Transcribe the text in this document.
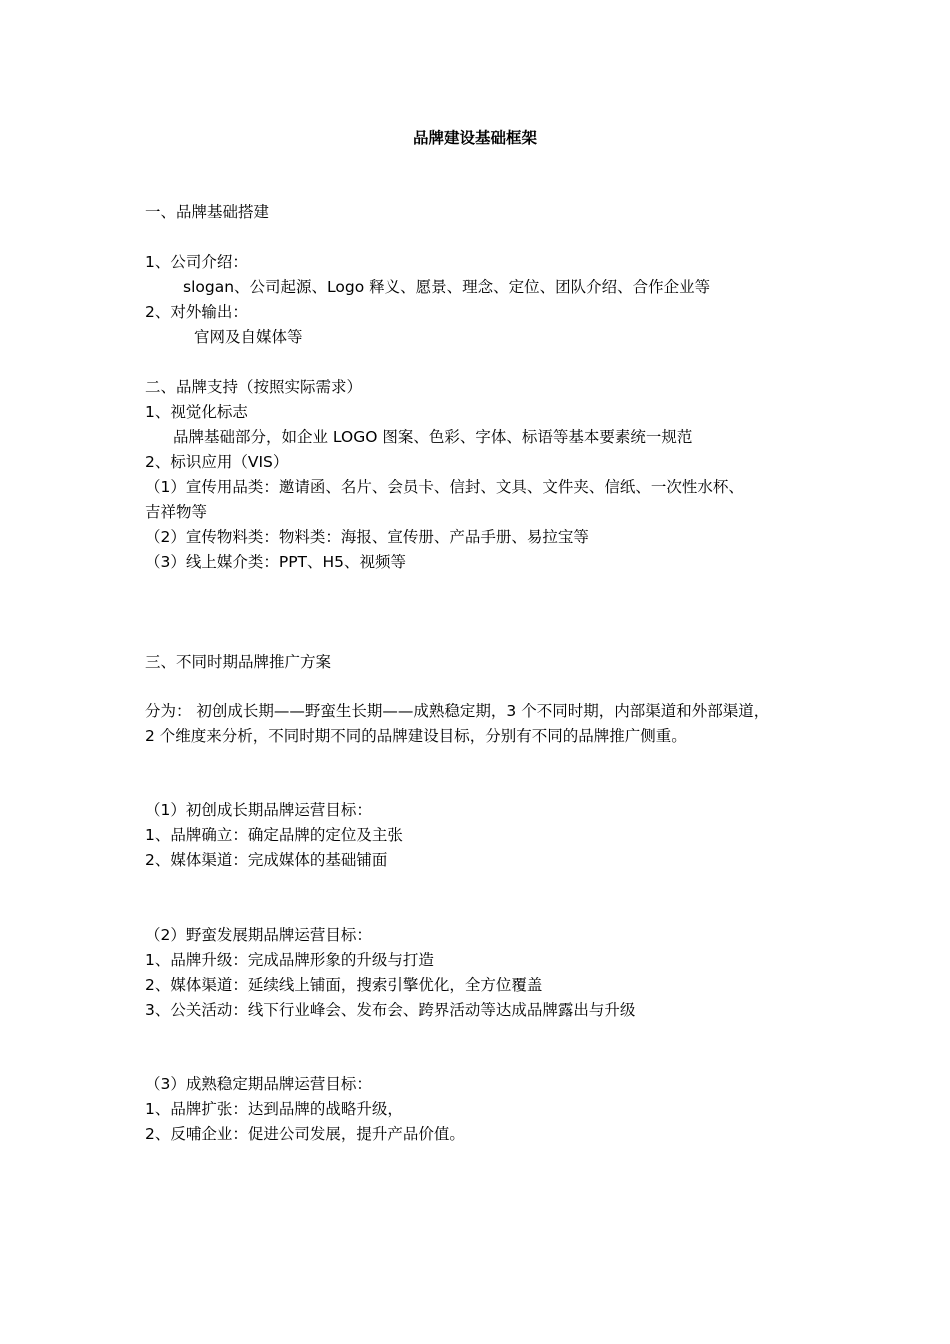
品牌建设基础框架
一、品牌基础搭建
1、公司介绍：
slogan、公司起源、Logo 释义、愿景、理念、定位、团队介绍、合作企业等
2、对外输出：
官网及自媒体等
二、品牌支持（按照实际需求）
1、视觉化标志
品牌基础部分，如企业 LOGO 图案、色彩、字体、标语等基本要素统一规范
2、标识应用（VIS）
（1）宣传用品类：邀请函、名片、会员卡、信封、文具、文件夹、信纸、一次性水杯、
吉祥物等
（2）宣传物料类：物料类：海报、宣传册、产品手册、易拉宝等
（3）线上媒介类：PPT、H5、视频等
三、不同时期品牌推广方案
分为： 初创成长期——野蛮生长期——成熟稳定期，3 个不同时期，内部渠道和外部渠道，
2 个维度来分析，不同时期不同的品牌建设目标，分别有不同的品牌推广侧重。
（1）初创成长期品牌运营目标：
1、品牌确立：确定品牌的定位及主张
2、媒体渠道：完成媒体的基础铺面
（2）野蛮发展期品牌运营目标：
1、品牌升级：完成品牌形象的升级与打造
2、媒体渠道：延续线上铺面，搜索引擎优化，全方位覆盖
3、公关活动：线下行业峰会、发布会、跨界活动等达成品牌露出与升级
（3）成熟稳定期品牌运营目标：
1、品牌扩张：达到品牌的战略升级，
2、反哺企业：促进公司发展，提升产品价值。
